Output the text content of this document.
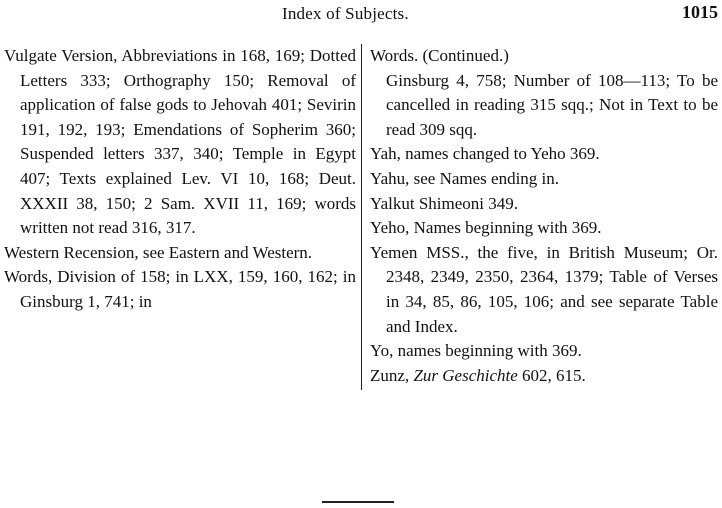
Index of Subjects.	1015
Vulgate Version, Abbreviations in 168, 169; Dotted Letters 333; Orthography 150; Removal of application of false gods to Jehovah 401; Sevirin 191, 192, 193; Emendations of Sopherim 360; Suspended letters 337, 340; Temple in Egypt 407; Texts explained Lev. VI 10, 168; Deut. XXXII 38, 150; 2 Sam. XVII 11, 169; words written not read 316, 317.
Western Recension, see Eastern and Western.
Words, Division of 158; in LXX, 159, 160, 162; in Ginsburg 1, 741; in
Words. (Continued.)
Ginsburg 4, 758; Number of 108—113; To be cancelled in reading 315 sqq.; Not in Text to be read 309 sqq.
Yah, names changed to Yeho 369.
Yahu, see Names ending in.
Yalkut Shimeoni 349.
Yeho, Names beginning with 369.
Yemen MSS., the five, in British Museum; Or. 2348, 2349, 2350, 2364, 1379; Table of Verses in 34, 85, 86, 105, 106; and see separate Table and Index.
Yo, names beginning with 369.
Zunz, Zur Geschichte 602, 615.
